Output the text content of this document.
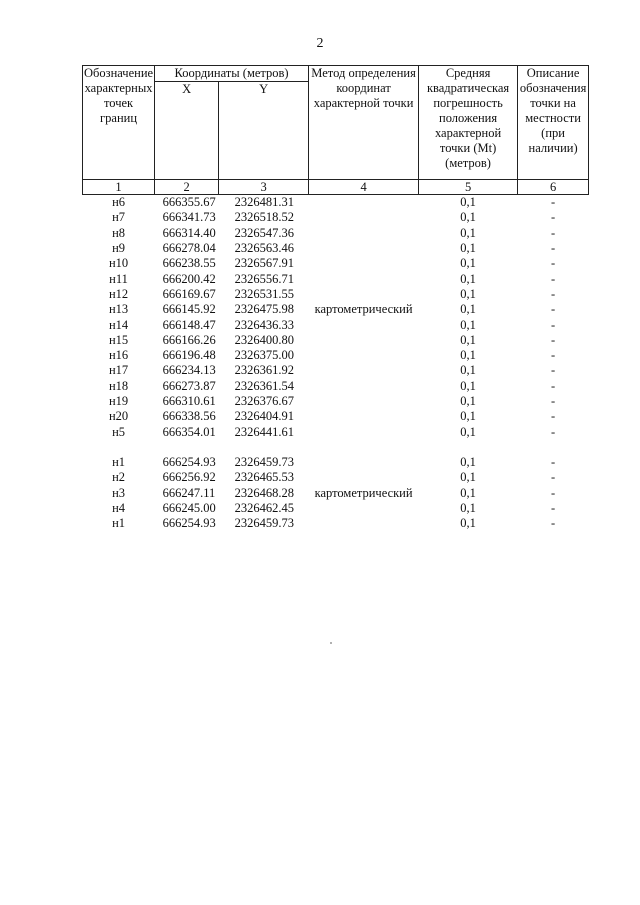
2
Обозначение характерных точек границ	Координаты (метров)		Метод определения координат характерной точки	Средняя квадратическая погрешность положения характерной точки (Mt) (метров)	Описание обозначения точки на местности (при наличии)
	X	Y			
1	2	3	4	5	6
н6	666355.67	2326481.31		0,1	-
н7	666341.73	2326518.52		0,1	-
н8	666314.40	2326547.36		0,1	-
н9	666278.04	2326563.46		0,1	-
н10	666238.55	2326567.91		0,1	-
н11	666200.42	2326556.71		0,1	-
н12	666169.67	2326531.55		0,1	-
н13	666145.92	2326475.98	картометрический	0,1	-
н14	666148.47	2326436.33		0,1	-
н15	666166.26	2326400.80		0,1	-
н16	666196.48	2326375.00		0,1	-
н17	666234.13	2326361.92		0,1	-
н18	666273.87	2326361.54		0,1	-
н19	666310.61	2326376.67		0,1	-
н20	666338.56	2326404.91		0,1	-
н5	666354.01	2326441.61		0,1	-

н1	666254.93	2326459.73		0,1	-
н2	666256.92	2326465.53		0,1	-
н3	666247.11	2326468.28	картометрический	0,1	-
н4	666245.00	2326462.45		0,1	-
н1	666254.93	2326459.73		0,1	-
